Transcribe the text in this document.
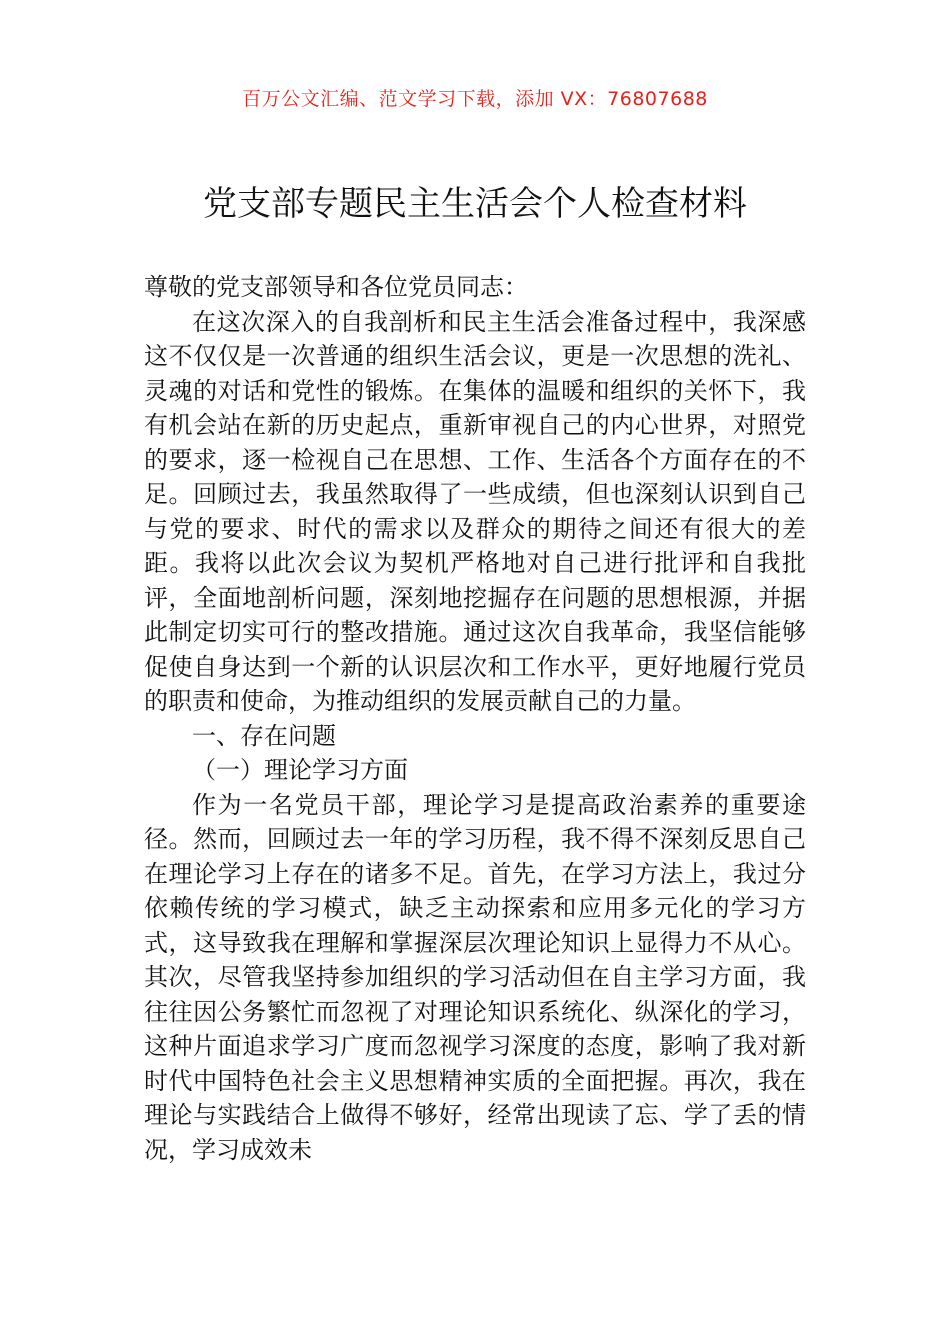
百万公文汇编、范文学习下载，添加 VX：76807688
党支部专题民主生活会个人检查材料

尊敬的党支部领导和各位党员同志：

在这次深入的自我剖析和民主生活会准备过程中，我深感这不仅仅是一次普通的组织生活会议，更是一次思想的洗礼、灵魂的对话和党性的锻炼。在集体的温暖和组织的关怀下，我有机会站在新的历史起点，重新审视自己的内心世界，对照党的要求，逐一检视自己在思想、工作、生活各个方面存在的不足。回顾过去，我虽然取得了一些成绩，但也深刻认识到自己与党的要求、时代的需求以及群众的期待之间还有很大的差距。我将以此次会议为契机严格地对自己进行批评和自我批评，全面地剖析问题，深刻地挖掘存在问题的思想根源，并据此制定切实可行的整改措施。通过这次自我革命，我坚信能够促使自身达到一个新的认识层次和工作水平，更好地履行党员的职责和使命，为推动组织的发展贡献自己的力量。

一、存在问题

（一）理论学习方面

作为一名党员干部，理论学习是提高政治素养的重要途径。然而，回顾过去一年的学习历程，我不得不深刻反思自己在理论学习上存在的诸多不足。首先，在学习方法上，我过分依赖传统的学习模式，缺乏主动探索和应用多元化的学习方式，这导致我在理解和掌握深层次理论知识上显得力不从心。其次，尽管我坚持参加组织的学习活动但在自主学习方面，我往往因公务繁忙而忽视了对理论知识系统化、纵深化的学习，这种片面追求学习广度而忽视学习深度的态度，影响了我对新时代中国特色社会主义思想精神实质的全面把握。再次，我在理论与实践结合上做得不够好，经常出现读了忘、学了丢的情况，学习成效未
